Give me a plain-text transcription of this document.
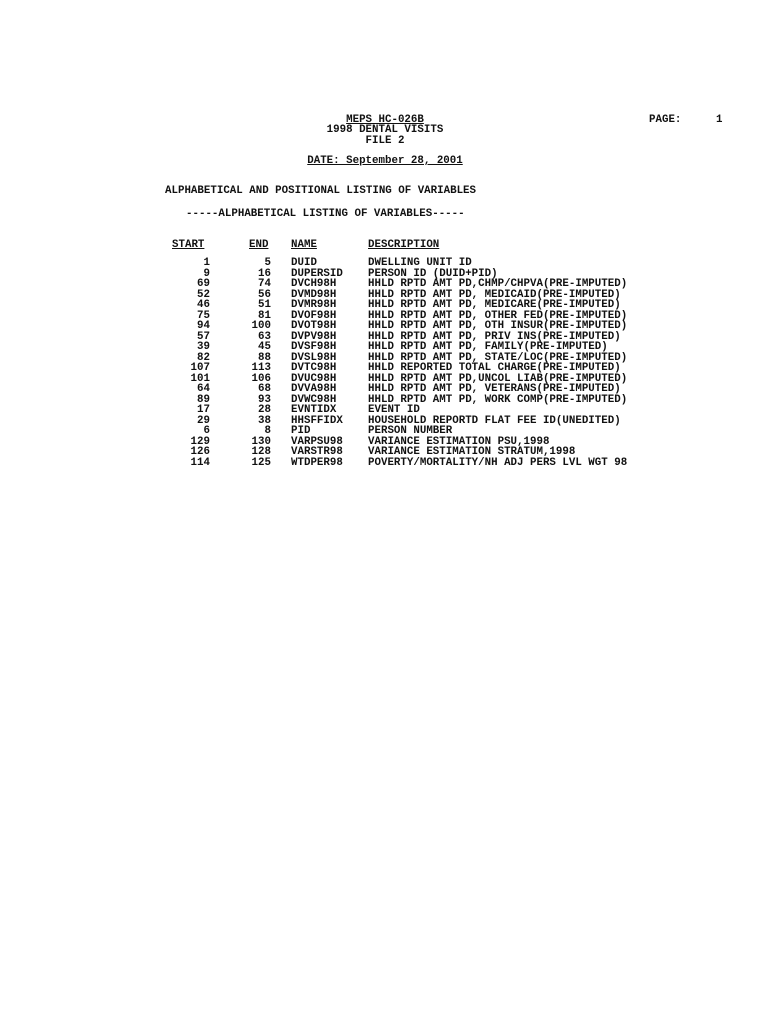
MEPS HC-026B
1998 DENTAL VISITS
FILE 2
DATE: September 28, 2001
PAGE:	1
ALPHABETICAL AND POSITIONAL LISTING OF VARIABLES
-----ALPHABETICAL LISTING OF VARIABLES-----
START	END NAME	DESCRIPTION
1	5 DUID	DWELLING UNIT ID
9	16 DUPERSID PERSON ID (DUID+PID)
69	74 DVCH98H	HHLD RPTD AMT PD,CHMP/CHPVA(PRE-IMPUTED)
52	56 DVMD98H	HHLD RPTD AMT PD, MEDICAID(PRE-IMPUTED)
46	51 DVMR98H	HHLD RPTD AMT PD, MEDICARE(PRE-IMPUTED)
75	81 DVOF98H	HHLD RPTD AMT PD, OTHER FED(PRE-IMPUTED)
94	100 DVOT98H	HHLD RPTD AMT PD, OTH INSUR(PRE-IMPUTED)
57	63 DVPV98H	HHLD RPTD AMT PD, PRIV INS(PRE-IMPUTED)
39	45 DVSF98H	HHLD RPTD AMT PD, FAMILY(PRE-IMPUTED)
82	88 DVSL98H	HHLD RPTD AMT PD, STATE/LOC(PRE-IMPUTED)
107	113 DVTC98H	HHLD REPORTED TOTAL CHARGE(PRE-IMPUTED)
101	106 DVUC98H	HHLD RPTD AMT PD,UNCOL LIAB(PRE-IMPUTED)
64	68 DVVA98H	HHLD RPTD AMT PD, VETERANS(PRE-IMPUTED)
89	93 DVWC98H	HHLD RPTD AMT PD, WORK COMP(PRE-IMPUTED)
17	28 EVNTIDX	EVENT ID
29	38 HHSFFIDX HOUSEHOLD REPORTD FLAT FEE ID(UNEDITED)
6	8 PID	PERSON NUMBER
129	130 VARPSU98 VARIANCE ESTIMATION PSU,1998
126	128 VARSTR98 VARIANCE ESTIMATION STRATUM,1998
114	125 WTDPER98 POVERTY/MORTALITY/NH ADJ PERS LVL WGT 98
